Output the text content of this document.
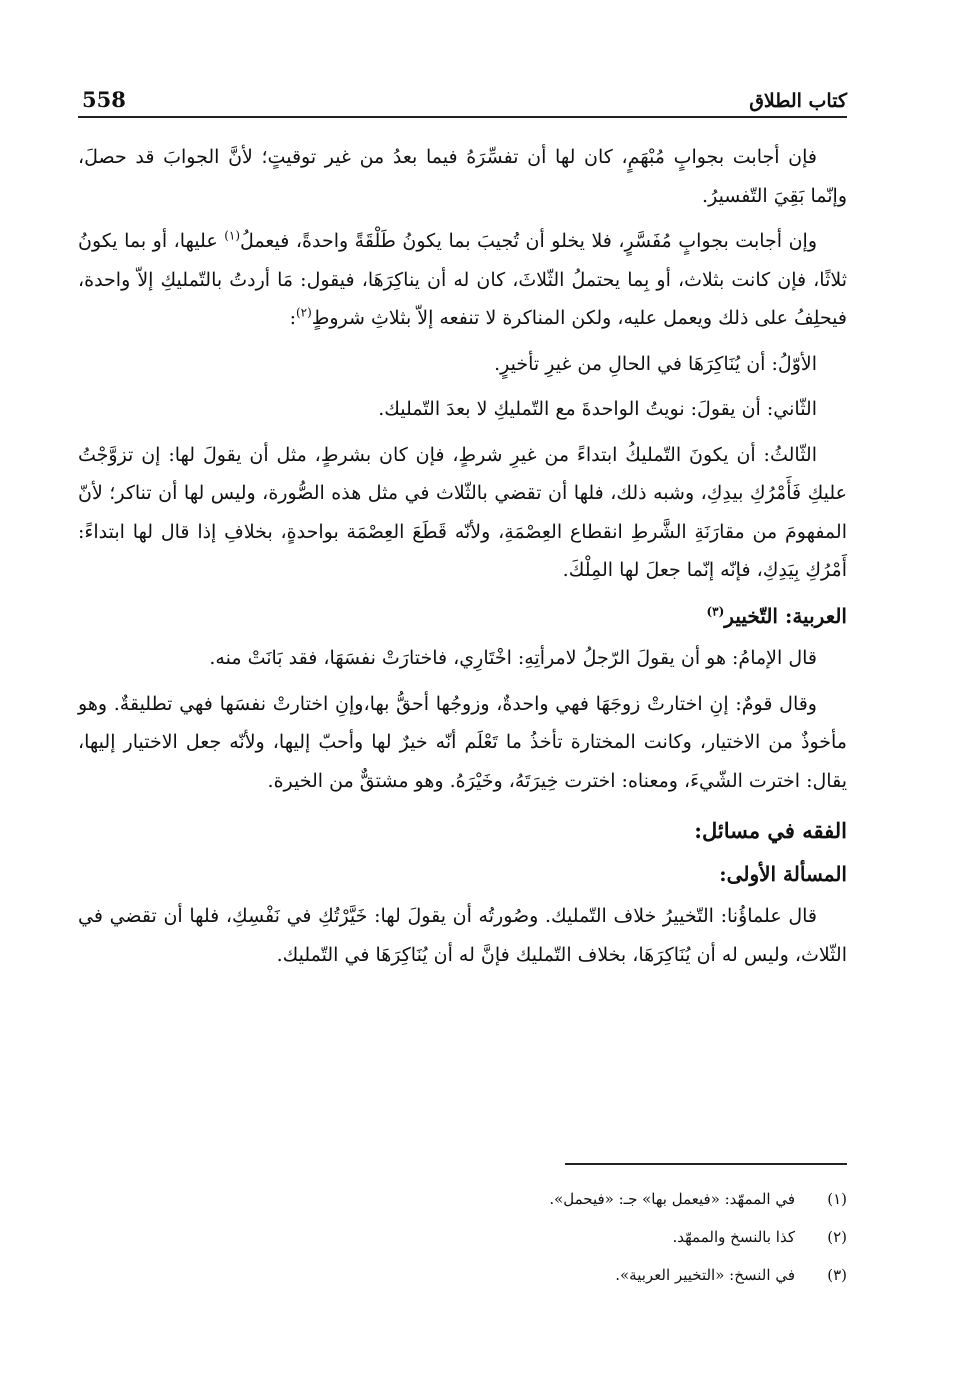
558	كتاب الطلاق

فإن أجابت بجوابٍ مُبْهَمٍ، كان لها أن تفسِّرَهُ فيما بعدُ من غير توقيتٍ؛ لأنَّ الجوابَ قد حصلَ، وإنّما بَقِيَ التّفسيرُ.

وإن أجابت بجوابٍ مُفَسَّرٍ، فلا يخلو أن تُجيبَ بما يكونُ طَلْقَةً واحدةً، فيعملُ$^{(١)}$ عليها، أو بما يكونُ ثلاثًا، فإن كانت بثلاث، أو بِما يحتملُ الثّلاثَ، كان له أن يناكِرَهَا، فيقول: مَا أردتُ بالتّمليكِ إلاّ واحدة، فيحلِفُ على ذلك ويعمل عليه، ولكن المناكرة لا تنفعه إلاّ بثلاثِ شروطٍ$^{(٢)}$:

الأوّلُ: أن يُنَاكِرَهَا في الحالِ من غيرِ تأخيرٍ.

الثّاني: أن يقولَ: نويتُ الواحدةَ مع التّمليكِ لا بعدَ التّمليك.

الثّالثُ: أن يكونَ التّمليكُ ابتداءً من غيرِ شرطٍ، فإن كان بشرطٍ، مثل أن يقولَ لها: إن تزوَّجْتُ عليكِ فَأَمْرُكِ بيدِكِ، وشبه ذلك، فلها أن تقضي بالثّلاث في مثل هذه الصُّورة، وليس لها أن تناكر؛ لأنّ المفهومَ من مقارَنَةِ الشَّرطِ انقطاع العِصْمَةِ، ولأنّه قَطَعَ العِصْمَة بواحدةٍ، بخلافِ إذا قال لها ابتداءً: أَمْرُكِ بِيَدِكِ، فإنّه إنّما جعلَ لها المِلْكَ.

العربية: التّخيير$^{(٣)}$

قال الإمامُ: هو أن يقولَ الرّجلُ لامرأتِهِ: اخْتَارِي، فاختارَتْ نفسَهَا، فقد بَانَتْ منه.

وقال قومٌ: إنِ اختارتْ زوجَهَا فهي واحدةٌ، وزوجُها أحقُّ بها،وإنِ اختارتْ نفسَها فهي تطليقةٌ. وهو مأخوذٌ من الاختيار، وكانت المختارة تأخذُ ما تَعْلَم أنّه خيرٌ لها وأحبّ إليها، ولأنّه جعل الاختيار إليها، يقال: اخترت الشّيءَ، ومعناه: اخترت خِيرَتَهُ، وخَيْرَهُ. وهو مشتقٌّ من الخيرة.

الفقه في مسائل:
المسألة الأولى:

قال علماؤُنا: التّخييرُ خلاف التّمليك. وصُورتُه أن يقولَ لها: خَيَّرْتُكِ في نَفْسِكِ، فلها أن تقضي في الثّلاث، وليس له أن يُنَاكِرَهَا، بخلاف التّمليك فإنَّ له أن يُنَاكِرَهَا في التّمليك.

(١)
في الممهّد: «فيعمل بها» جـ: «فيحمل».
(٢)
كذا بالنسخ والممهّد.
(٣)
في النسخ: «التخيير العربية».
